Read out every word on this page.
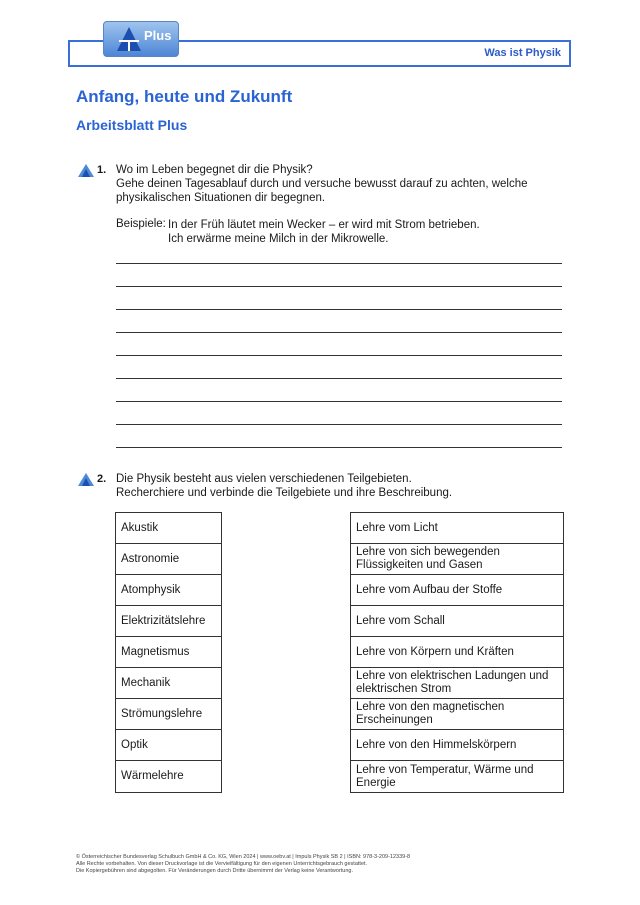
Was ist Physik
Plus
Anfang, heute und Zukunft
Arbeitsblatt Plus
1. Wo im Leben begegnet dir die Physik?
Gehe deinen Tagesablauf durch und versuche bewusst darauf zu achten, welche
physikalischen Situationen dir begegnen.
Beispiele: In der Früh läutet mein Wecker – er wird mit Strom betrieben.
Ich erwärme meine Milch in der Mikrowelle.
2. Die Physik besteht aus vielen verschiedenen Teilgebieten.
Recherchiere und verbinde die Teilgebiete und ihre Beschreibung.
Akustik
Astronomie
Atomphysik
Elektrizitätslehre
Magnetismus
Mechanik
Strömungslehre
Optik
Wärmelehre
Lehre vom Licht
Lehre von sich bewegenden
Flüssigkeiten und Gasen
Lehre vom Aufbau der Stoffe
Lehre vom Schall
Lehre von Körpern und Kräften
Lehre von elektrischen Ladungen und
elektrischen Strom
Lehre von den magnetischen
Erscheinungen
Lehre von den Himmelskörpern
Lehre von Temperatur, Wärme und
Energie
© Österreichischer Bundesverlag Schulbuch GmbH & Co. KG, Wien 2024 | www.oebv.at | Impuls Physik SB 2 | ISBN: 978-3-209-12339-8
Alle Rechte vorbehalten. Von dieser Druckvorlage ist die Vervielfältigung für den eigenen Unterrichtsgebrauch gestattet.
Die Kopiergebühren sind abgegolten. Für Veränderungen durch Dritte übernimmt der Verlag keine Verantwortung.
